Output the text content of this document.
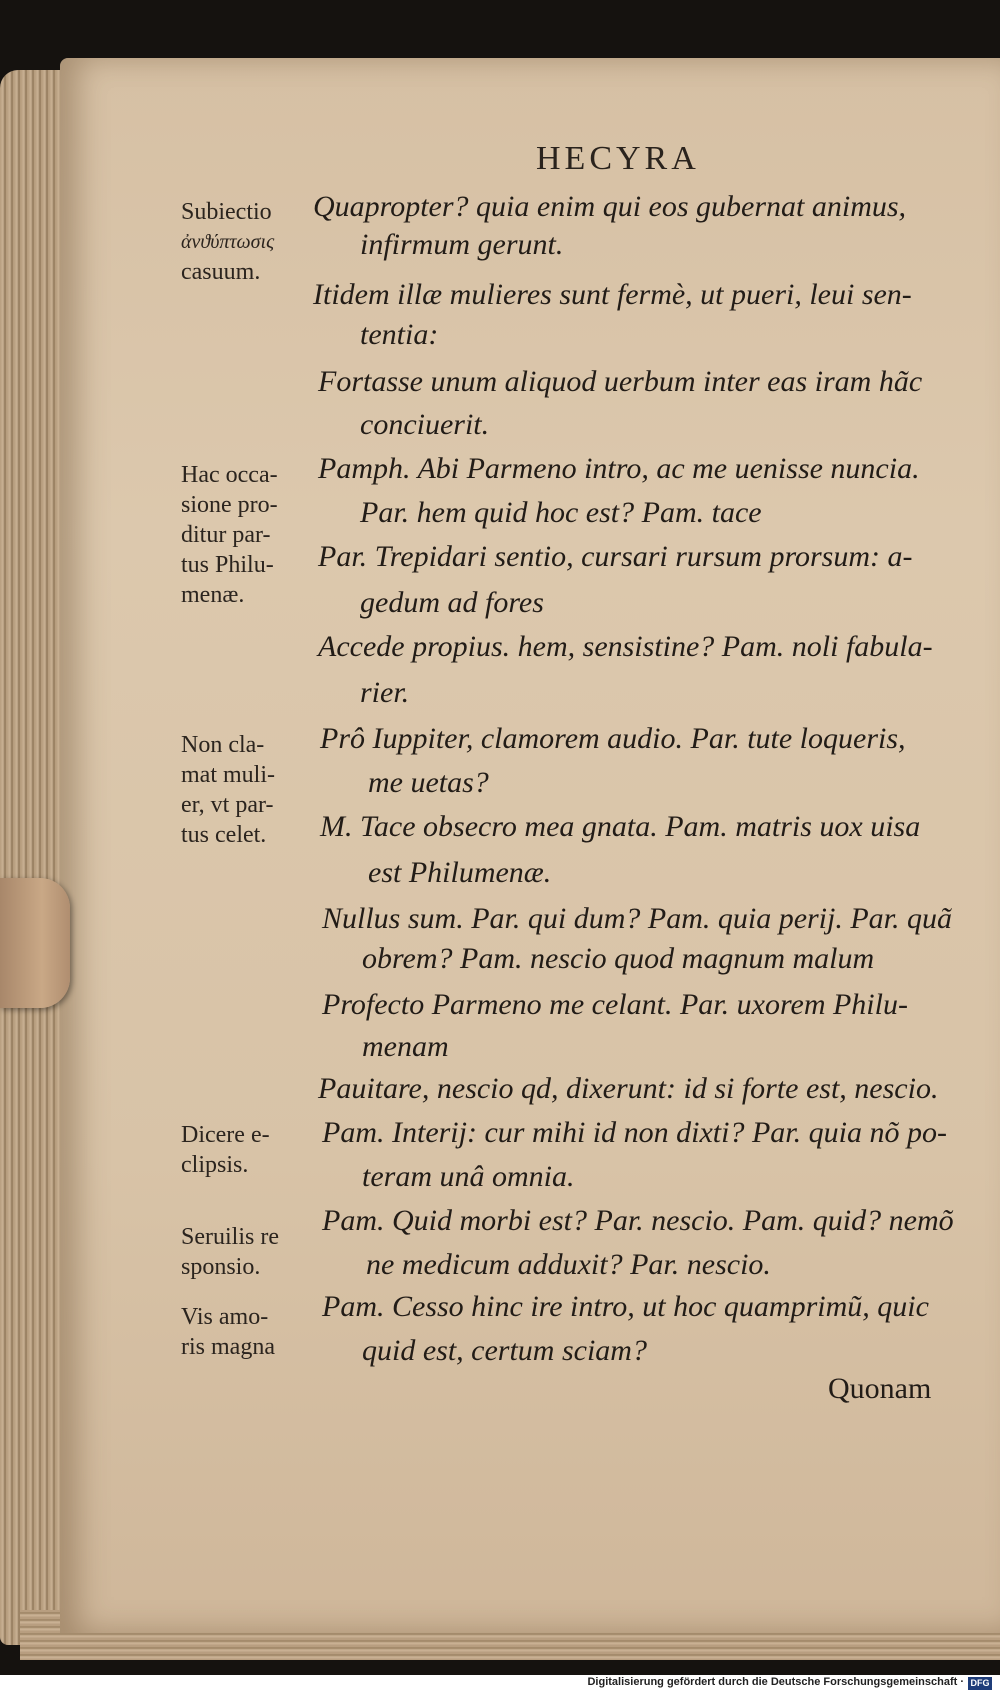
HECYRA
Subiectio
ἀνϑύπτωσις
casuum.
Hac occa-
sione pro-
ditur par-
tus Philu-
menæ.
Non cla-
mat muli-
er, vt par-
tus celet.
Dicere e-
clipsis.
Seruilis re
sponsio.
Vis amo-
ris magna
Quapropter? quia enim qui eos gubernat animus,
infirmum gerunt.
Itidem illæ mulieres sunt fermè, ut pueri, leui sen-
tentia:
Fortasse unum aliquod uerbum inter eas iram hãc
conciuerit.
Pamph. Abi Parmeno intro, ac me uenisse nuncia.
Par. hem quid hoc est? Pam. tace
Par. Trepidari sentio, cursari rursum prorsum: a-
gedum ad fores
Accede propius. hem, sensistine? Pam. noli fabula-
rier.
Prô Iuppiter, clamorem audio. Par. tute loqueris,
me uetas?
M. Tace obsecro mea gnata. Pam. matris uox uisa
est Philumenæ.
Nullus sum. Par. qui dum? Pam. quia perij. Par. quã
obrem? Pam. nescio quod magnum malum
Profecto Parmeno me celant. Par. uxorem Philu-
menam
Pauitare, nescio qd, dixerunt: id si forte est, nescio.
Pam. Interij: cur mihi id non dixti? Par. quia nõ po-
teram unâ omnia.
Pam. Quid morbi est? Par. nescio. Pam. quid? nemõ
ne medicum adduxit? Par. nescio.
Pam. Cesso hinc ire intro, ut hoc quamprimũ, quic
quid est, certum sciam?
Quonam
Digitalisierung gefördert durch die Deutsche Forschungsgemeinschaft · DFG
